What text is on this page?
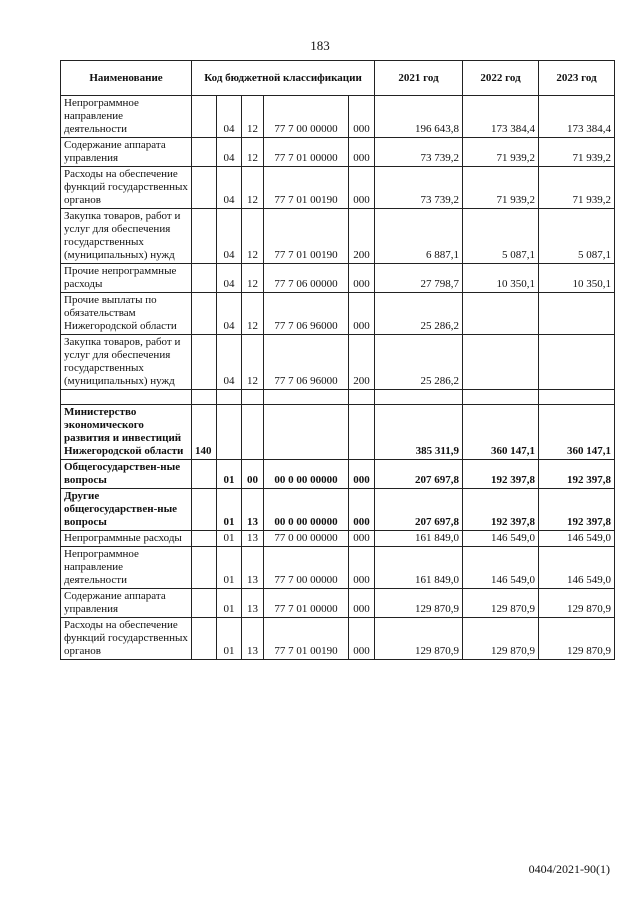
183
Наименование	Код бюджетной классификации					2021 год	2022 год	2023 год
Непрограммное направление деятельности		04	12	77 7 00 00000	000	196 643,8	173 384,4	173 384,4
Содержание аппарата управления		04	12	77 7 01 00000	000	73 739,2	71 939,2	71 939,2
Расходы на обеспечение функций государственных органов		04	12	77 7 01 00190	000	73 739,2	71 939,2	71 939,2
Закупка товаров, работ и услуг для обеспечения государственных (муниципальных) нужд		04	12	77 7 01 00190	200	6 887,1	5 087,1	5 087,1
Прочие непрограммные расходы		04	12	77 7 06 00000	000	27 798,7	10 350,1	10 350,1
Прочие выплаты по обязательствам Нижегородской области		04	12	77 7 06 96000	000	25 286,2		
Закупка товаров, работ и услуг для обеспечения государственных (муниципальных) нужд		04	12	77 7 06 96000	200	25 286,2		

Министерство экономического развития и инвестиций Нижегородской области	140					385 311,9	360 147,1	360 147,1
Общегосударствен-ные вопросы		01	00	00 0 00 00000	000	207 697,8	192 397,8	192 397,8
Другие общегосударствен-ные вопросы		01	13	00 0 00 00000	000	207 697,8	192 397,8	192 397,8
Непрограммные расходы		01	13	77 0 00 00000	000	161 849,0	146 549,0	146 549,0
Непрограммное направление деятельности		01	13	77 7 00 00000	000	161 849,0	146 549,0	146 549,0
Содержание аппарата управления		01	13	77 7 01 00000	000	129 870,9	129 870,9	129 870,9
Расходы на обеспечение функций государственных органов		01	13	77 7 01 00190	000	129 870,9	129 870,9	129 870,9
0404/2021-90(1)
